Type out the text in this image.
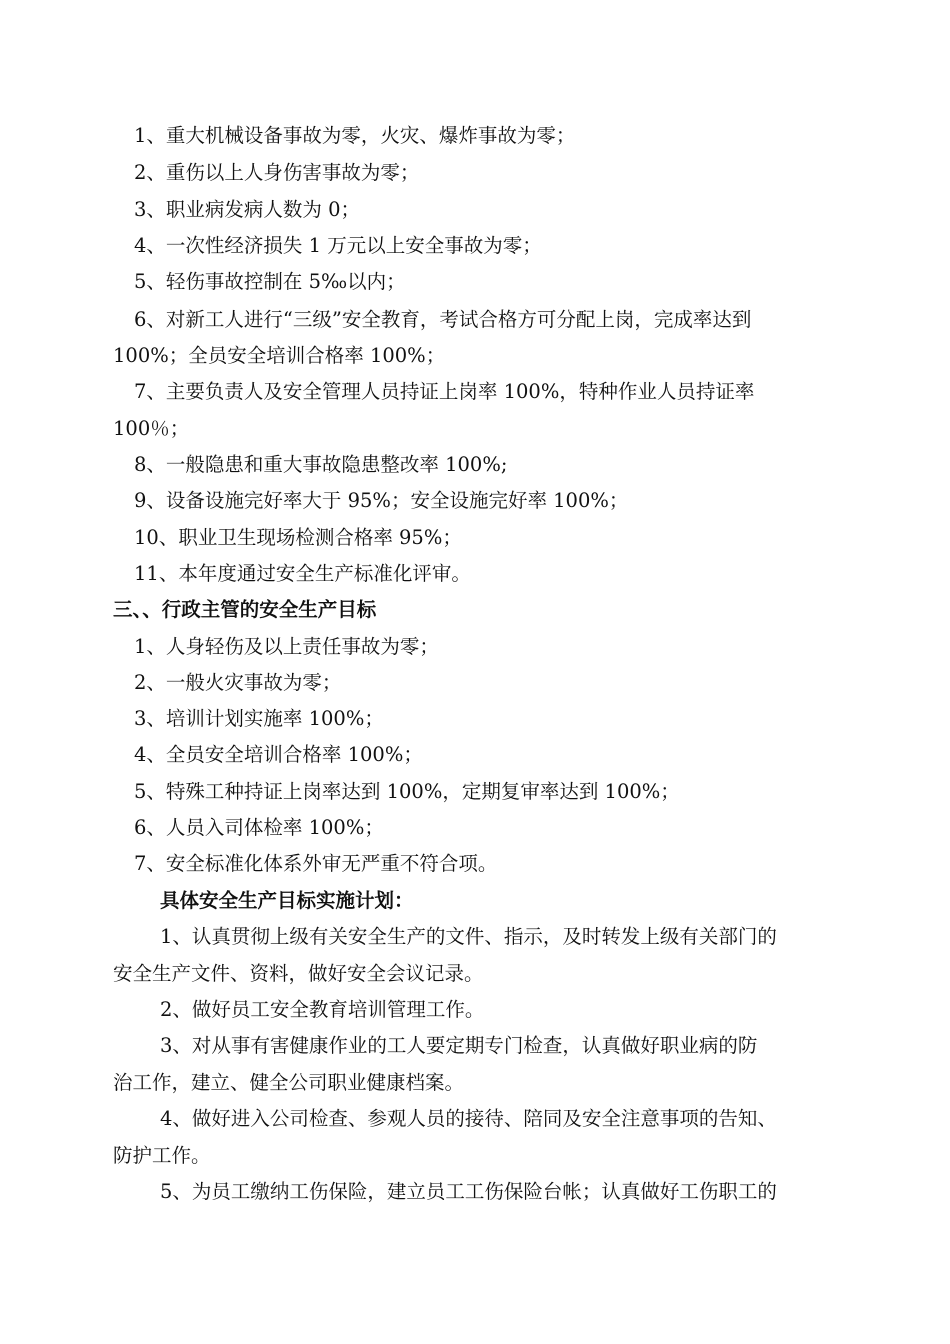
1、重大机械设备事故为零，火灾、爆炸事故为零；
2、重伤以上人身伤害事故为零；
3、职业病发病人数为 0；
4、一次性经济损失 1 万元以上安全事故为零；
5、轻伤事故控制在 5‰以内；
6、对新工人进行“三级”安全教育，考试合格方可分配上岗，完成率达到
100%；全员安全培训合格率 100%；
7、主要负责人及安全管理人员持证上岗率 100%，特种作业人员持证率
100％；
8、一般隐患和重大事故隐患整改率 100%;
9、设备设施完好率大于 95%；安全设施完好率 100%；
10、职业卫生现场检测合格率 95%；
11、本年度通过安全生产标准化评审。
三、、行政主管的安全生产目标
1、人身轻伤及以上责任事故为零；
2、一般火灾事故为零；
3、培训计划实施率 100%；
4、全员安全培训合格率 100%；
5、特殊工种持证上岗率达到 100%，定期复审率达到 100%；
6、人员入司体检率 100%；
7、安全标准化体系外审无严重不符合项。
具体安全生产目标实施计划：
1、认真贯彻上级有关安全生产的文件、指示，及时转发上级有关部门的
安全生产文件、资料，做好安全会议记录。
2、做好员工安全教育培训管理工作。
3、对从事有害健康作业的工人要定期专门检查，认真做好职业病的防
治工作，建立、健全公司职业健康档案。
4、做好进入公司检查、参观人员的接待、陪同及安全注意事项的告知、
防护工作。
5、为员工缴纳工伤保险，建立员工工伤保险台帐；认真做好工伤职工的
